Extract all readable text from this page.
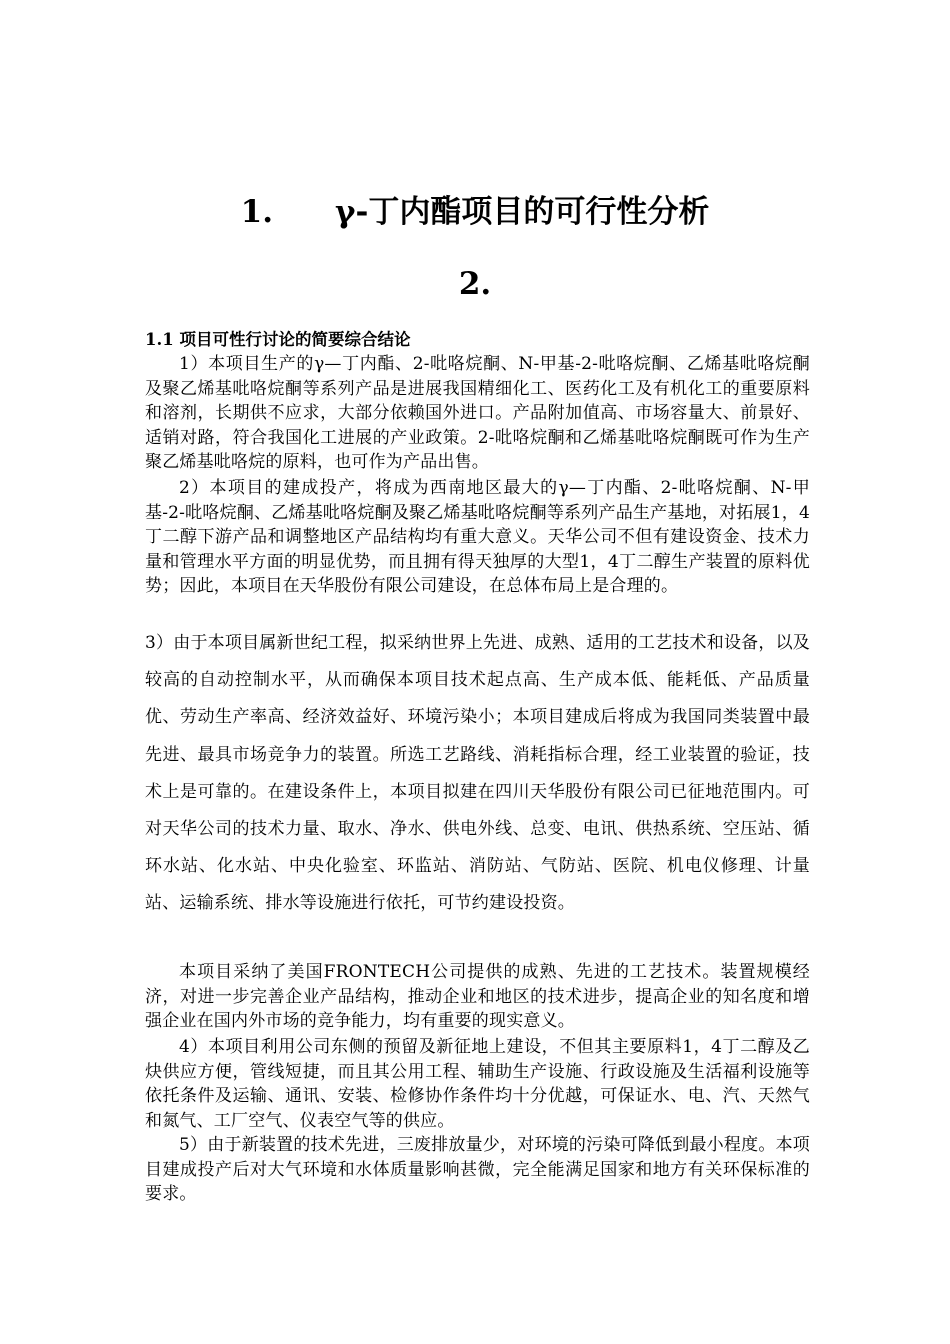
1. γ-丁内酯项目的可行性分析
2.
1.1 项目可性行讨论的简要综合结论

1）本项目生产的γ—丁内酯、2-吡咯烷酮、N-甲基-2-吡咯烷酮、乙烯基吡咯烷酮及聚乙烯基吡咯烷酮等系列产品是进展我国精细化工、医药化工及有机化工的重要原料和溶剂，长期供不应求，大部分依赖国外进口。产品附加值高、市场容量大、前景好、适销对路，符合我国化工进展的产业政策。2-吡咯烷酮和乙烯基吡咯烷酮既可作为生产聚乙烯基吡咯烷的原料，也可作为产品出售。

2）本项目的建成投产，将成为西南地区最大的γ—丁内酯、2-吡咯烷酮、N-甲基-2-吡咯烷酮、乙烯基吡咯烷酮及聚乙烯基吡咯烷酮等系列产品生产基地，对拓展1，4丁二醇下游产品和调整地区产品结构均有重大意义。天华公司不但有建设资金、技术力量和管理水平方面的明显优势，而且拥有得天独厚的大型1，4丁二醇生产装置的原料优势；因此，本项目在天华股份有限公司建设，在总体布局上是合理的。

3）由于本项目属新世纪工程，拟采纳世界上先进、成熟、适用的工艺技术和设备，以及较高的自动控制水平，从而确保本项目技术起点高、生产成本低、能耗低、产品质量优、劳动生产率高、经济效益好、环境污染小；本项目建成后将成为我国同类装置中最先进、最具市场竞争力的装置。所选工艺路线、消耗指标合理，经工业装置的验证，技术上是可靠的。在建设条件上，本项目拟建在四川天华股份有限公司已征地范围内。可对天华公司的技术力量、取水、净水、供电外线、总变、电讯、供热系统、空压站、循环水站、化水站、中央化验室、环监站、消防站、气防站、医院、机电仪修理、计量站、运输系统、排水等设施进行依托，可节约建设投资。

本项目采纳了美国FRONTECH公司提供的成熟、先进的工艺技术。装置规模经济，对进一步完善企业产品结构，推动企业和地区的技术进步，提高企业的知名度和增强企业在国内外市场的竞争能力，均有重要的现实意义。

4）本项目利用公司东侧的预留及新征地上建设，不但其主要原料1，4丁二醇及乙炔供应方便，管线短捷，而且其公用工程、辅助生产设施、行政设施及生活福利设施等依托条件及运输、通讯、安装、检修协作条件均十分优越，可保证水、电、汽、天然气和氮气、工厂空气、仪表空气等的供应。

5）由于新装置的技术先进，三废排放量少，对环境的污染可降低到最小程度。本项目建成投产后对大气环境和水体质量影响甚微，完全能满足国家和地方有关环保标准的要求。
